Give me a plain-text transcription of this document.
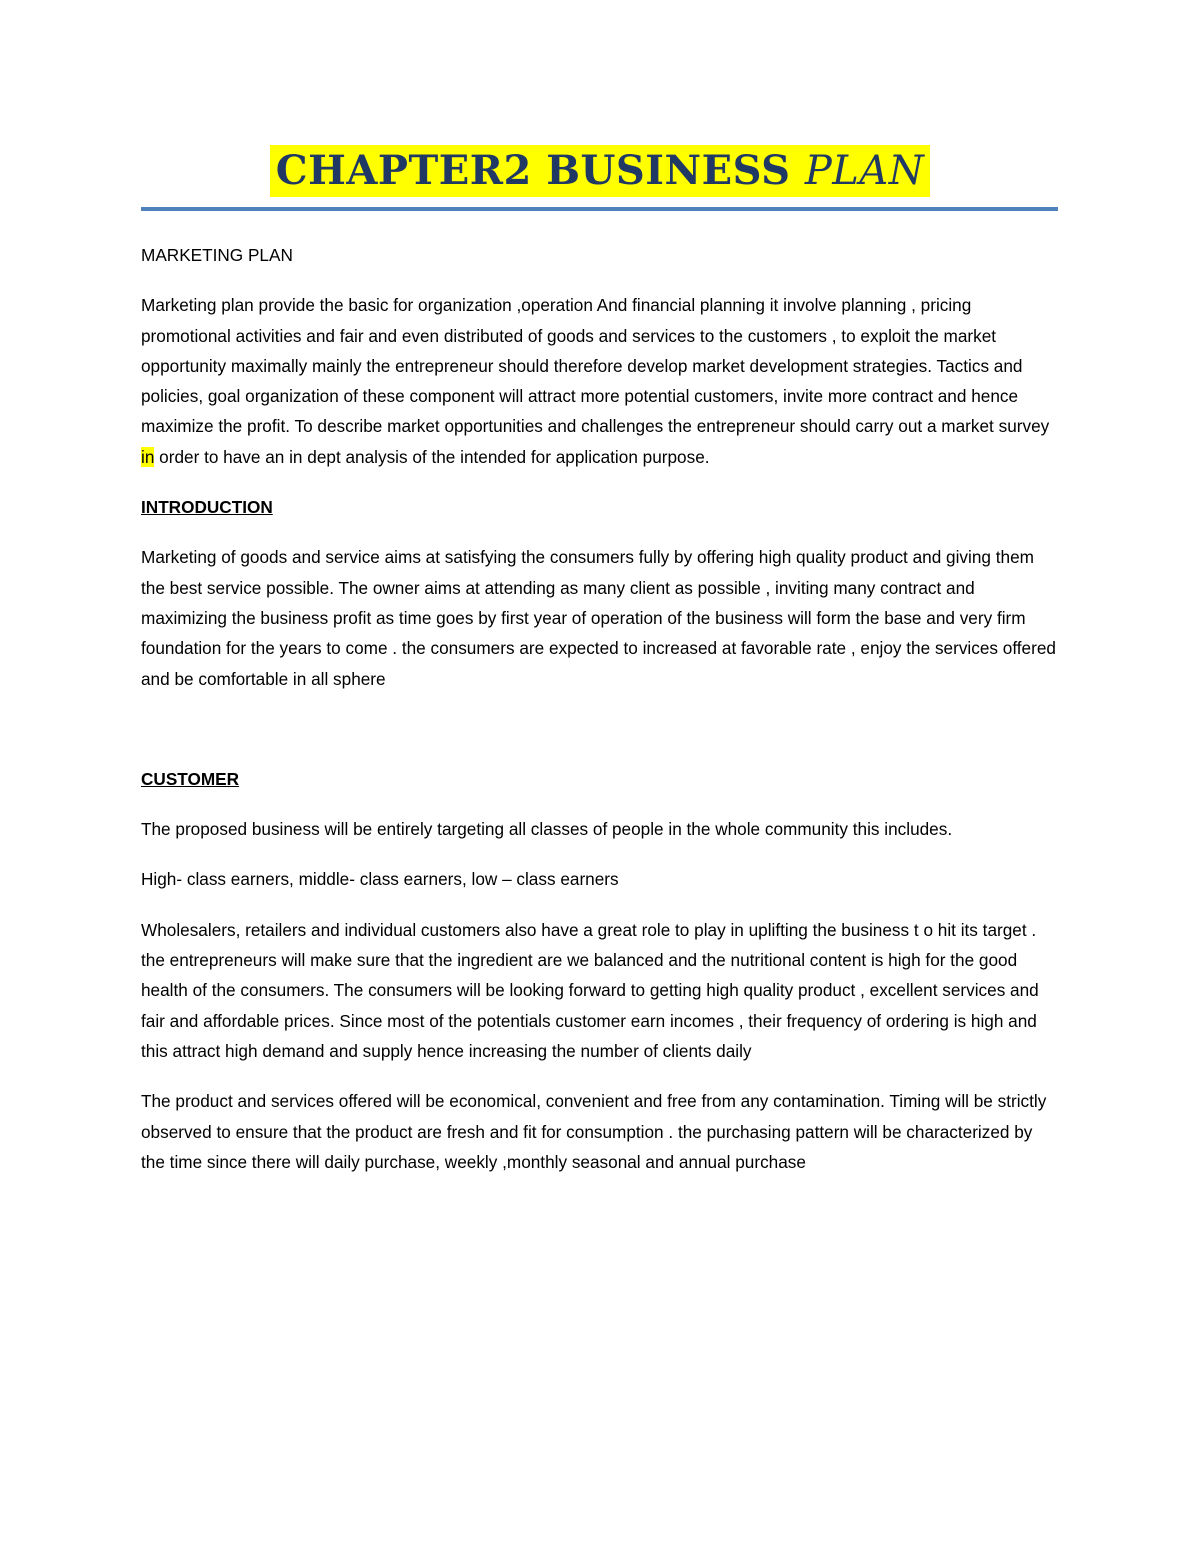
CHAPTER2 BUSINESS PLAN

MARKETING PLAN

Marketing plan provide the basic for organization ,operation And financial planning it involve planning , pricing promotional activities and fair and even distributed of goods and services to the customers , to exploit the market opportunity maximally mainly the entrepreneur should therefore develop market development strategies. Tactics and policies, goal organization of these component will attract more potential customers, invite more contract and hence maximize the profit. To describe market opportunities and challenges the entrepreneur should carry out a market survey in order to have an in dept analysis of the intended for application purpose.

INTRODUCTION

Marketing of goods and service aims at satisfying the consumers fully by offering high quality product and giving them the best service possible. The owner aims at attending as many client as possible , inviting many contract and maximizing the business profit as time goes by first year of operation of the business will form the base and very firm foundation for the years to come . the consumers are expected to increased at favorable rate , enjoy the services offered and be comfortable in all sphere

CUSTOMER

The proposed business will be entirely targeting all classes of people in the whole community this includes.

High- class earners, middle- class earners, low – class earners

Wholesalers, retailers and individual customers also have a great role to play in uplifting the business t o hit its target . the entrepreneurs will make sure that the ingredient are we balanced and the nutritional content is high for the good health of the consumers. The consumers will be looking forward to getting high quality product , excellent services and fair and affordable prices. Since most of the potentials customer earn incomes , their frequency of ordering is high and this attract high demand and supply hence increasing the number of clients daily

The product and services offered will be economical, convenient and free from any contamination. Timing will be strictly observed to ensure that the product are fresh and fit for consumption . the purchasing pattern will be characterized by the time since there will daily purchase, weekly ,monthly seasonal and annual purchase
